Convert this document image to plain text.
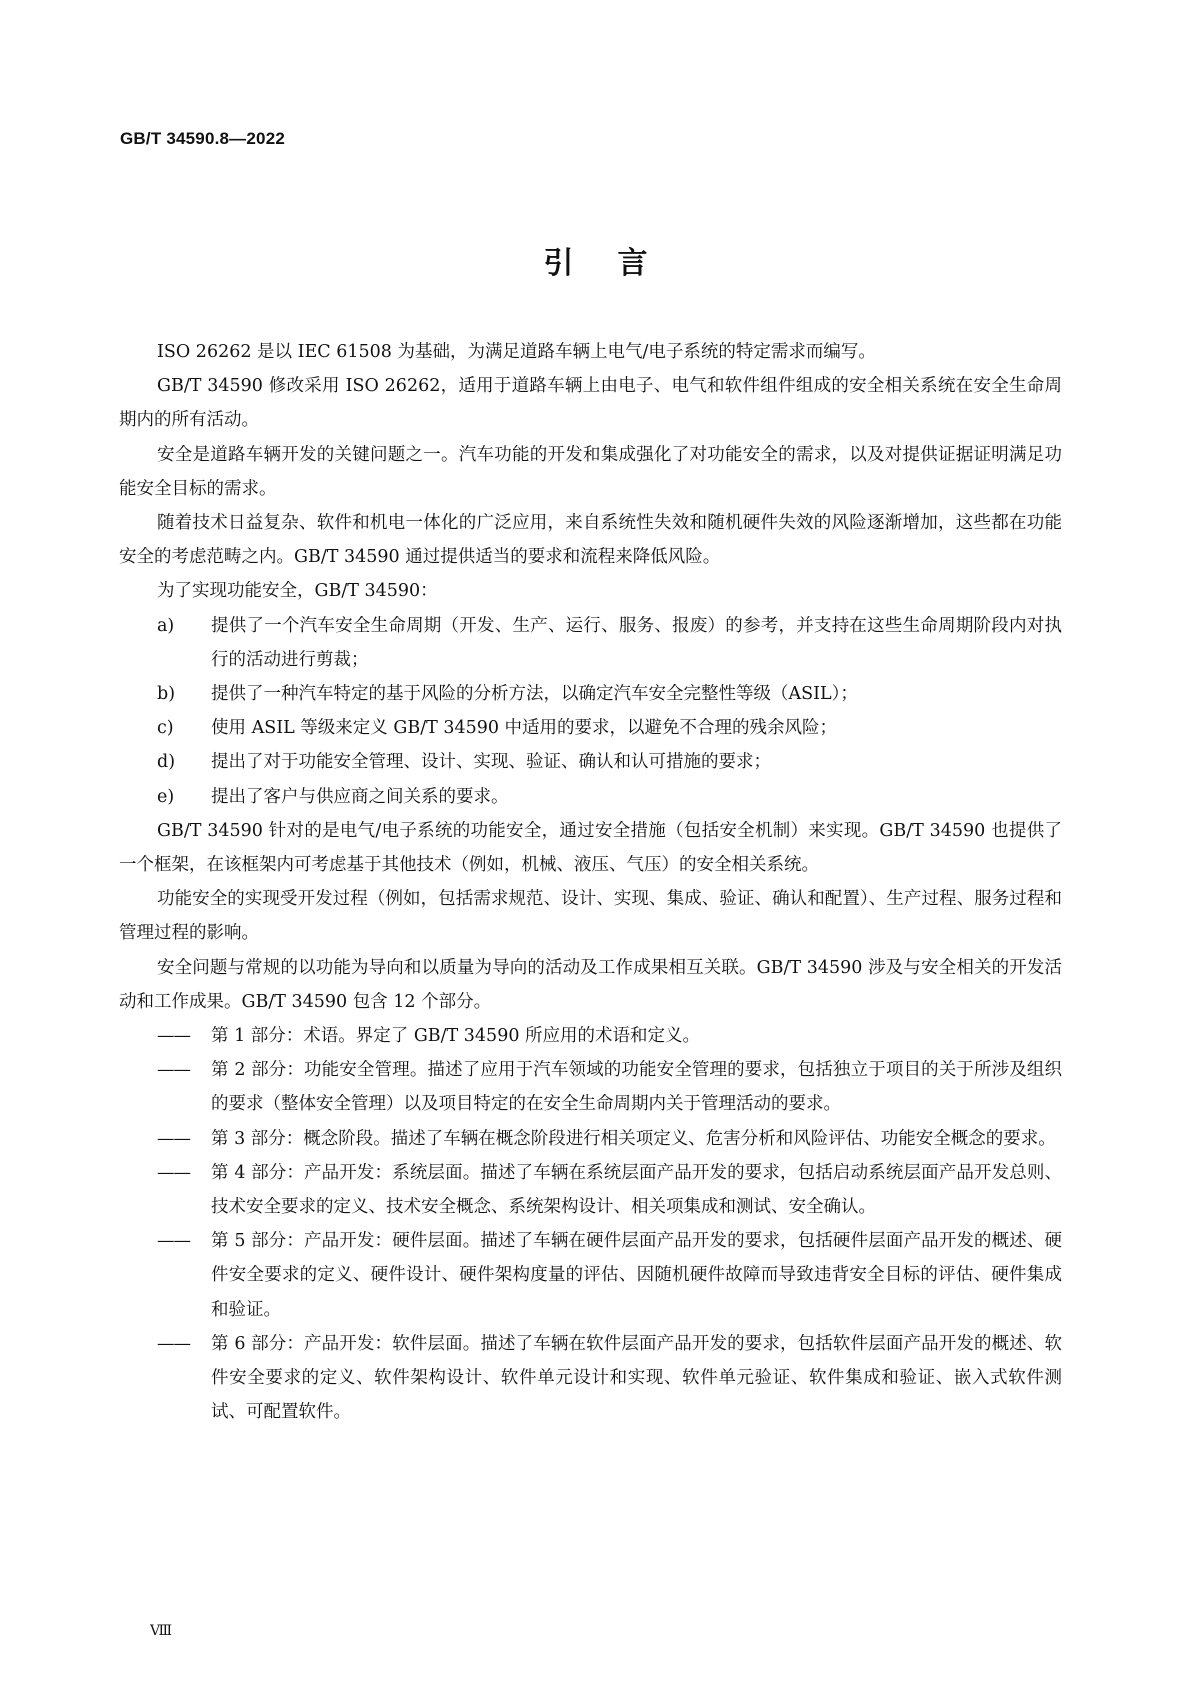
GB/T 34590.8—2022
引言

ISO 26262 是以 IEC 61508 为基础，为满足道路车辆上电气/电子系统的特定需求而编写。

GB/T 34590 修改采用 ISO 26262，适用于道路车辆上由电子、电气和软件组件组成的安全相关系统在安全生命周期内的所有活动。

安全是道路车辆开发的关键问题之一。汽车功能的开发和集成强化了对功能安全的需求，以及对提供证据证明满足功能安全目标的需求。

随着技术日益复杂、软件和机电一体化的广泛应用，来自系统性失效和随机硬件失效的风险逐渐增加，这些都在功能安全的考虑范畴之内。GB/T 34590 通过提供适当的要求和流程来降低风险。

为了实现功能安全，GB/T 34590：

a) 提供了一个汽车安全生命周期（开发、生产、运行、服务、报废）的参考，并支持在这些生命周期阶段内对执行的活动进行剪裁；
b) 提供了一种汽车特定的基于风险的分析方法，以确定汽车安全完整性等级（ASIL）；
c) 使用 ASIL 等级来定义 GB/T 34590 中适用的要求，以避免不合理的残余风险；
d) 提出了对于功能安全管理、设计、实现、验证、确认和认可措施的要求；
e) 提出了客户与供应商之间关系的要求。

GB/T 34590 针对的是电气/电子系统的功能安全，通过安全措施（包括安全机制）来实现。GB/T 34590 也提供了一个框架，在该框架内可考虑基于其他技术（例如，机械、液压、气压）的安全相关系统。

功能安全的实现受开发过程（例如，包括需求规范、设计、实现、集成、验证、确认和配置）、生产过程、服务过程和管理过程的影响。

安全问题与常规的以功能为导向和以质量为导向的活动及工作成果相互关联。GB/T 34590 涉及与安全相关的开发活动和工作成果。GB/T 34590 包含 12 个部分。

—— 第 1 部分：术语。界定了 GB/T 34590 所应用的术语和定义。
—— 第 2 部分：功能安全管理。描述了应用于汽车领域的功能安全管理的要求，包括独立于项目的关于所涉及组织的要求（整体安全管理）以及项目特定的在安全生命周期内关于管理活动的要求。
—— 第 3 部分：概念阶段。描述了车辆在概念阶段进行相关项定义、危害分析和风险评估、功能安全概念的要求。
—— 第 4 部分：产品开发：系统层面。描述了车辆在系统层面产品开发的要求，包括启动系统层面产品开发总则、技术安全要求的定义、技术安全概念、系统架构设计、相关项集成和测试、安全确认。
—— 第 5 部分：产品开发：硬件层面。描述了车辆在硬件层面产品开发的要求，包括硬件层面产品开发的概述、硬件安全要求的定义、硬件设计、硬件架构度量的评估、因随机硬件故障而导致违背安全目标的评估、硬件集成和验证。
—— 第 6 部分：产品开发：软件层面。描述了车辆在软件层面产品开发的要求，包括软件层面产品开发的概述、软件安全要求的定义、软件架构设计、软件单元设计和实现、软件单元验证、软件集成和验证、嵌入式软件测试、可配置软件。
Ⅷ
